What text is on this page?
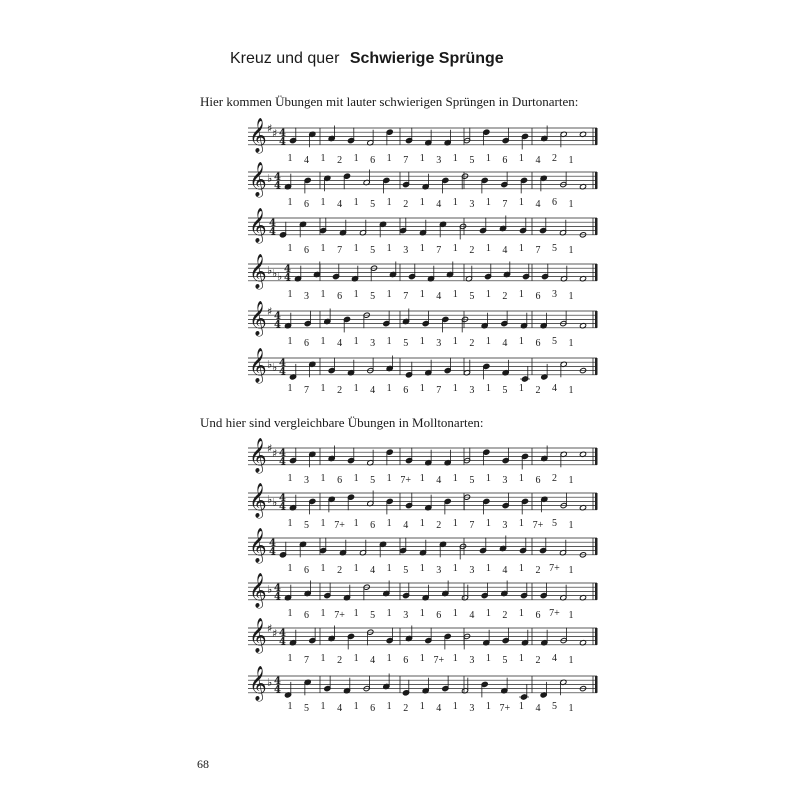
Kreuz und quer Schwierige Sprünge
Hier kommen Übungen mit lauter schwierigen Sprüngen in Durtonarten:
Und hier sind vergleichbare Übungen in Molltonarten:
𝄞 ♯ ♯ 4
4
1 4 1 2 1 6 1 7 1 3 1 5 1 6 1 4 2 1
𝄞 ♭ 4
4
1 6 1 4 1 5 1 2 1 4 1 3 1 7 1 4 6 1
𝄞 4
4
1 6 1 7 1 5 1 3 1 7 1 2 1 4 1 7 5 1
𝄞 ♭ ♭ ♭
4
4
1 3 1 6 1 5 1 7 1 4 1 5 1 2 1 6 3 1
𝄞 ♯ 4
4
1 6 1 4 1 3 1 5 1 3 1 2 1 4 1 6 5 1
𝄞 ♭ ♭ 4
4
1 7 1 2 1 4 1 6 1 7 1 3 1 5 1 2 4 1
𝄞 ♯ ♯ 4
4
1 3 1 6 1 5 1 7+ 1 4 1 5 1 3 1 6 2 1
𝄞 ♭ ♭ 4
4
1 5 1 7+ 1 6 1 4 1 2 1 7 1 3 1 7+ 5 1
𝄞 4
4
1 6 1 2 1 4 1 5 1 3 1 3 1 4 1 2 7+ 1
𝄞 ♭ 4
4
1 6 1 7+ 1 5 1 3 1 6 1 4 1 2 1 6 7+ 1
𝄞 ♯ ♯ 4
4
1 7 1 2 1 4 1 6 1 7+ 1 3 1 5 1 2 4 1
𝄞 ♭ 4
4
1 5 1 4 1 6 1 2 1 4 1 3 1 7+ 1 4 5 1
68
